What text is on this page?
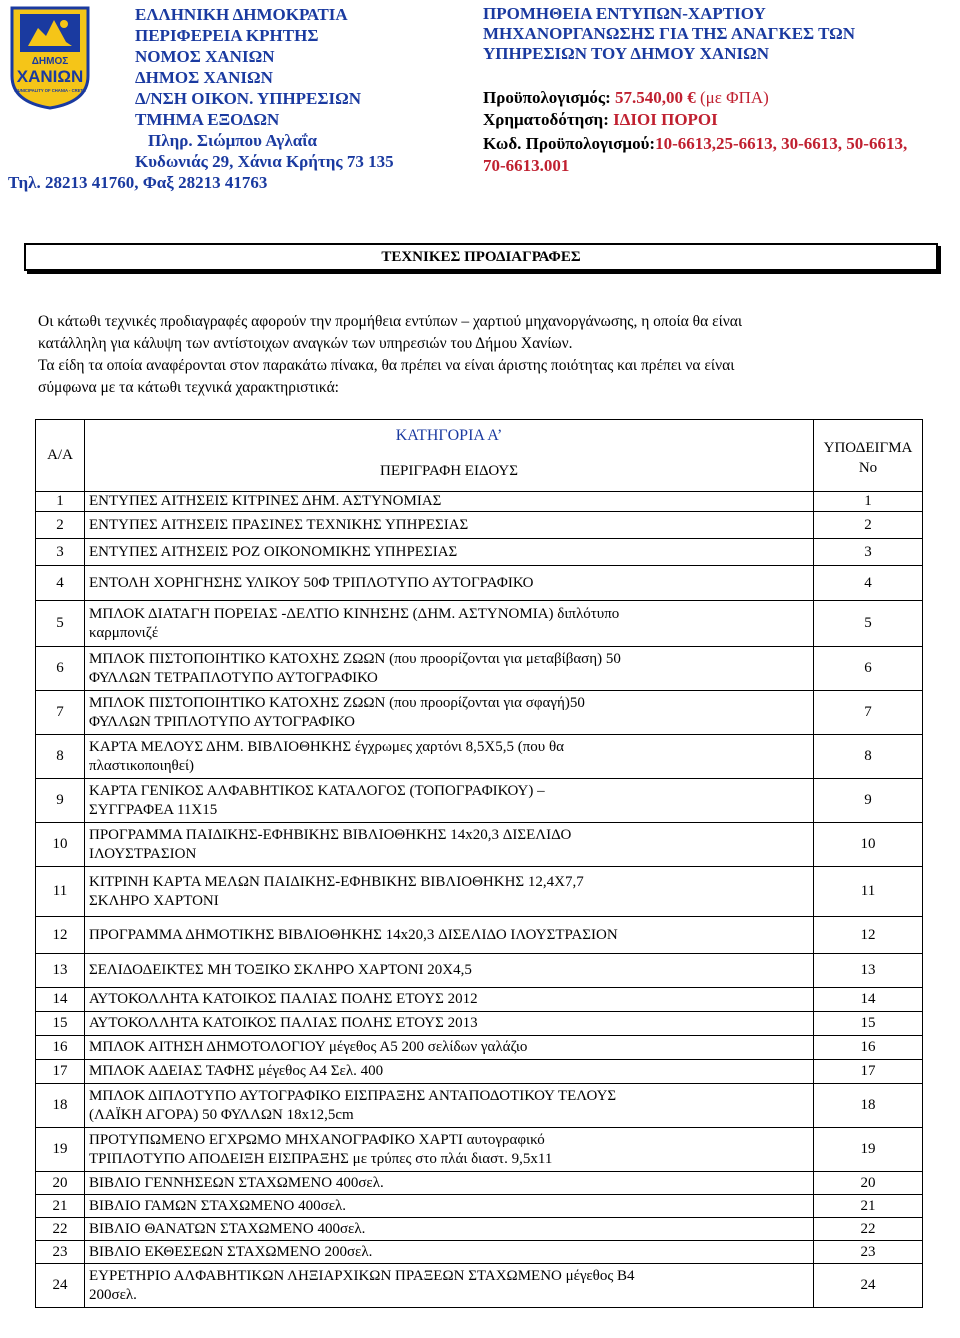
ΔΗΜΟΣ
ΧΑΝΙΩΝ
MUNICIPALITY OF CHANIA - CRETE
ΕΛΛΗΝΙΚΗ ΔΗΜΟΚΡΑΤΙΑ
ΠΕΡΙΦΕΡΕΙΑ ΚΡΗΤΗΣ
ΝΟΜΟΣ ΧΑΝΙΩΝ
ΔΗΜΟΣ ΧΑΝΙΩΝ
Δ/ΝΣΗ ΟΙΚΟΝ. ΥΠΗΡΕΣΙΩΝ
ΤΜΗΜΑ ΕΞΟΔΩΝ
Πληρ. Σιώμπου Αγλαΐα
Κυδωνιάς 29, Χάνια Κρήτης 73 135
Τηλ. 28213 41760, Φαξ 28213 41763
ΠΡΟΜΗΘΕΙΑ ΕΝΤΥΠΩΝ-ΧΑΡΤΙΟΥ
ΜΗΧΑΝΟΡΓΑΝΩΣΗΣ ΓΙΑ ΤΗΣ ΑΝΑΓΚΕΣ ΤΩΝ
ΥΠΗΡΕΣΙΩΝ ΤΟΥ ΔΗΜΟΥ ΧΑΝΙΩΝ
Προϋπολογισμός: 57.540,00 € (με ΦΠΑ)
Χρηματοδότηση: ΙΔΙΟΙ ΠΟΡΟΙ
Κωδ. Προϋπολογισμού:10-6613,25-6613, 30-6613, 50-6613,
70-6613.001
ΤΕΧΝΙΚΕΣ ΠΡΟΔΙΑΓΡΑΦΕΣ
Οι κάτωθι τεχνικές προδιαγραφές αφορούν την προμήθεια εντύπων – χαρτιού μηχανοργάνωσης, η οποία θα είναι
κατάλληλη για κάλυψη των αντίστοιχων αναγκών των υπηρεσιών του Δήμου Χανίων.
Τα είδη τα οποία αναφέρονται στον παρακάτω πίνακα, θα πρέπει να είναι άριστης ποιότητας και πρέπει να είναι
σύμφωνα με τα κάτωθι τεχνικά χαρακτηριστικά:
Α/Α	ΚΑΤΗΓΟΡΙΑ Α’	ΥΠΟΔΕΙΓΜΑ
Νο
	ΠΕΡΙΓΡΑΦΗ ΕΙΔΟΥΣ	
1	ΕΝΤΥΠΕΣ ΑΙΤΗΣΕΙΣ ΚΙΤΡΙΝΕΣ ΔΗΜ. ΑΣΤΥΝΟΜΙΑΣ	1
2	ΕΝΤΥΠΕΣ ΑΙΤΗΣΕΙΣ ΠΡΑΣΙΝΕΣ ΤΕΧΝΙΚΗΣ ΥΠΗΡΕΣΙΑΣ	2
3	ΕΝΤΥΠΕΣ ΑΙΤΗΣΕΙΣ ΡΟΖ ΟΙΚΟΝΟΜΙΚΗΣ ΥΠΗΡΕΣΙΑΣ	3
4	ΕΝΤΟΛΗ ΧΟΡΗΓΗΣΗΣ ΥΛΙΚΟΥ 50Φ ΤΡΙΠΛΟΤΥΠΟ ΑΥΤΟΓΡΑΦΙΚΟ	4
5	ΜΠΛΟΚ ΔΙΑΤΑΓΗ ΠΟΡΕΙΑΣ -ΔΕΛΤΙΟ ΚΙΝΗΣΗΣ (ΔΗΜ. ΑΣΤΥΝΟΜΙΑ) διπλότυπο
καρμπονιζέ	5
6	ΜΠΛΟΚ ΠΙΣΤΟΠΟΙΗΤΙΚΟ ΚΑΤΟΧΗΣ ΖΩΩΝ (που προορίζονται για μεταβίβαση) 50
ΦΥΛΛΩΝ ΤΕΤΡΑΠΛΟΤΥΠΟ ΑΥΤΟΓΡΑΦΙΚΟ	6
7	ΜΠΛΟΚ ΠΙΣΤΟΠΟΙΗΤΙΚΟ ΚΑΤΟΧΗΣ ΖΩΩΝ (που προορίζονται για σφαγή)50
ΦΥΛΛΩΝ ΤΡΙΠΛΟΤΥΠΟ ΑΥΤΟΓΡΑΦΙΚΟ	7
8	ΚΑΡΤΑ ΜΕΛΟΥΣ ΔΗΜ. ΒΙΒΛΙΟΘΗΚΗΣ έγχρωμες χαρτόνι 8,5Χ5,5 (που θα
πλαστικοποιηθεί)	8
9	ΚΑΡΤΑ ΓΕΝΙΚΟΣ ΑΛΦΑΒΗΤΙΚΟΣ ΚΑΤΑΛΟΓΟΣ (ΤΟΠΟΓΡΑΦΙΚΟΥ) –
ΣΥΓΓΡΑΦΕΑ 11Χ15	9
10	ΠΡΟΓΡΑΜΜΑ ΠΑΙΔΙΚΗΣ-ΕΦΗΒΙΚΗΣ ΒΙΒΛΙΟΘΗΚΗΣ 14x20,3 ΔΙΣΕΛΙΔΟ
ΙΛΟΥΣΤΡΑΣΙΟΝ	10
11	ΚΙΤΡΙΝΗ ΚΑΡΤΑ ΜΕΛΩΝ ΠΑΙΔΙΚΗΣ-ΕΦΗΒΙΚΗΣ ΒΙΒΛΙΟΘΗΚΗΣ 12,4Χ7,7
ΣΚΛΗΡΟ ΧΑΡΤΟΝΙ	11
12	ΠΡΟΓΡΑΜΜΑ ΔΗΜΟΤΙΚΗΣ ΒΙΒΛΙΟΘΗΚΗΣ 14x20,3 ΔΙΣΕΛΙΔΟ ΙΛΟΥΣΤΡΑΣΙΟΝ	12
13	ΣΕΛΙΔΟΔΕΙΚΤΕΣ ΜΗ ΤΟΞΙΚΟ ΣΚΛΗΡΟ ΧΑΡΤΟΝΙ 20Χ4,5	13
14	ΑΥΤΟΚΟΛΛΗΤΑ ΚΑΤΟΙΚΟΣ ΠΑΛΙΑΣ ΠΟΛΗΣ ΕΤΟΥΣ 2012	14
15	ΑΥΤΟΚΟΛΛΗΤΑ ΚΑΤΟΙΚΟΣ ΠΑΛΙΑΣ ΠΟΛΗΣ ΕΤΟΥΣ 2013	15
16	ΜΠΛΟΚ ΑΙΤΗΣΗ ΔΗΜΟΤΟΛΟΓΙΟΥ μέγεθος Α5 200 σελίδων γαλάζιο	16
17	ΜΠΛΟΚ ΑΔΕΙΑΣ ΤΑΦΗΣ μέγεθος Α4 Σελ. 400	17
18	ΜΠΛΟΚ ΔΙΠΛΟΤΥΠΟ ΑΥΤΟΓΡΑΦΙΚΟ ΕΙΣΠΡΑΞΗΣ ΑΝΤΑΠΟΔΟΤΙΚΟΥ ΤΕΛΟΥΣ
(ΛΑΪΚΗ ΑΓΟΡΑ) 50 ΦΥΛΛΩΝ 18x12,5cm	18
19	ΠΡΟΤΥΠΩΜΕΝΟ ΕΓΧΡΩΜΟ ΜΗΧΑΝΟΓΡΑΦΙΚΟ ΧΑΡΤΙ αυτογραφικό
ΤΡΙΠΛΟΤΥΠΟ ΑΠΟΔΕΙΞΗ ΕΙΣΠΡΑΞΗΣ με τρύπες στο πλάι διαστ. 9,5x11	19
20	ΒΙΒΛΙΟ ΓΕΝΝΗΣΕΩΝ ΣΤΑΧΩΜΕΝΟ 400σελ.	20
21	ΒΙΒΛΙΟ ΓΑΜΩΝ ΣΤΑΧΩΜΕΝΟ 400σελ.	21
22	ΒΙΒΛΙΟ ΘΑΝΑΤΩΝ ΣΤΑΧΩΜΕΝΟ 400σελ.	22
23	ΒΙΒΛΙΟ ΕΚΘΕΣΕΩΝ ΣΤΑΧΩΜΕΝΟ 200σελ.	23
24	ΕΥΡΕΤΗΡΙΟ ΑΛΦΑΒΗΤΙΚΩΝ ΛΗΞΙΑΡΧΙΚΩΝ ΠΡΑΞΕΩΝ ΣΤΑΧΩΜΕΝΟ μέγεθος Β4
200σελ.	24
